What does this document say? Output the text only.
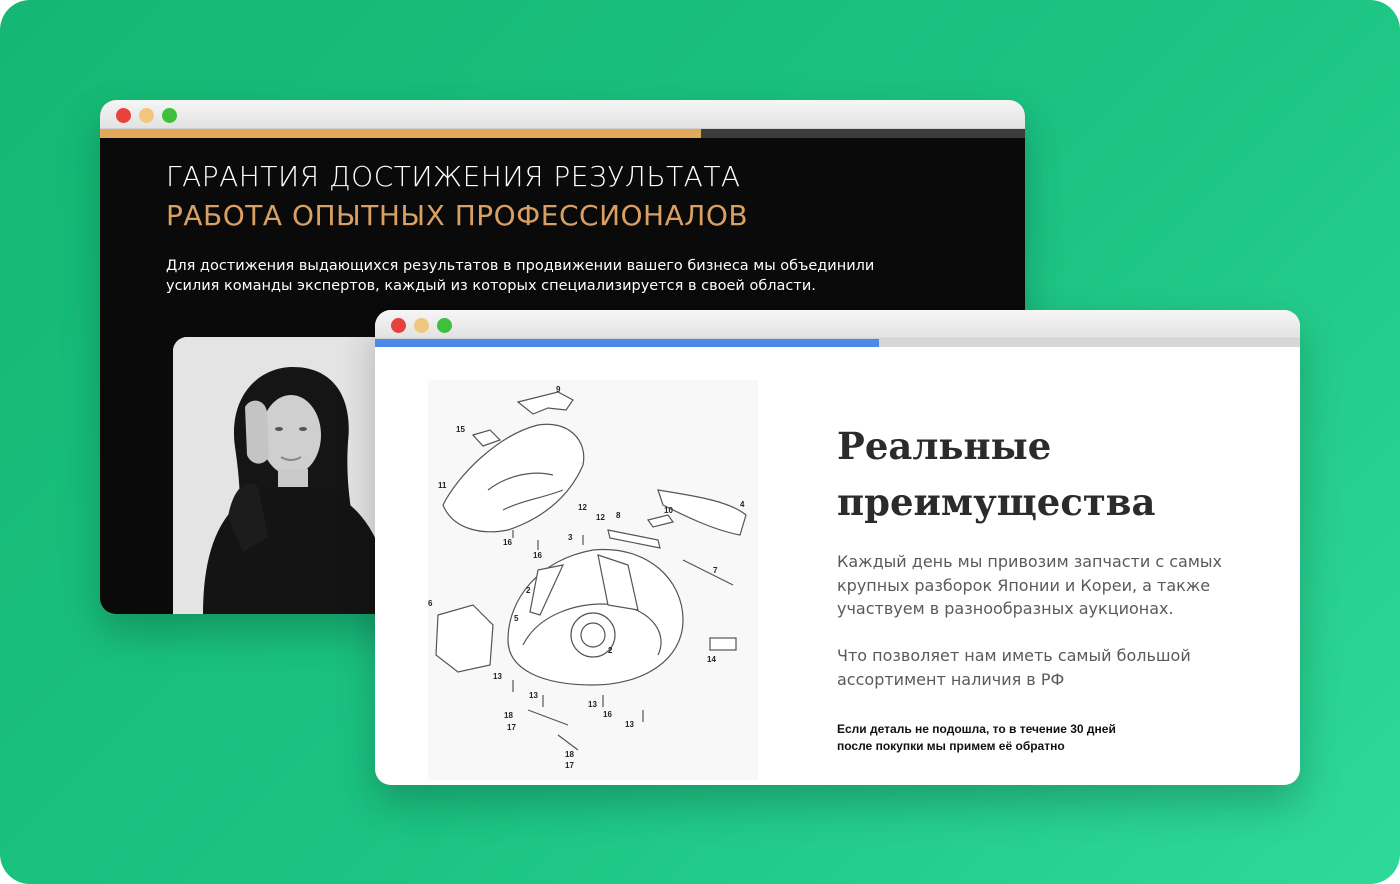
ГАРАНТИЯ ДОСТИЖЕНИЯ РЕЗУЛЬТАТА
РАБОТА ОПЫТНЫХ ПРОФЕССИОНАЛОВ
Для достижения выдающихся результатов в продвижении вашего бизнеса мы объединили
усилия команды экспертов, каждый из которых специализируется в своей области.
9
15
11
16
16
12
3
12 8
10
4
7
2
6
5
2
14
13
13
13
16
13
18
17
18
17
Реальные
преимущества
Каждый день мы привозим запчасти с самых
крупных разборок Японии и Кореи, а также
участвуем в разнообразных аукционах.
Что позволяет нам иметь самый большой
ассортимент наличия в РФ
Если деталь не подошла, то в течение 30 дней
после покупки мы примем её обратно
